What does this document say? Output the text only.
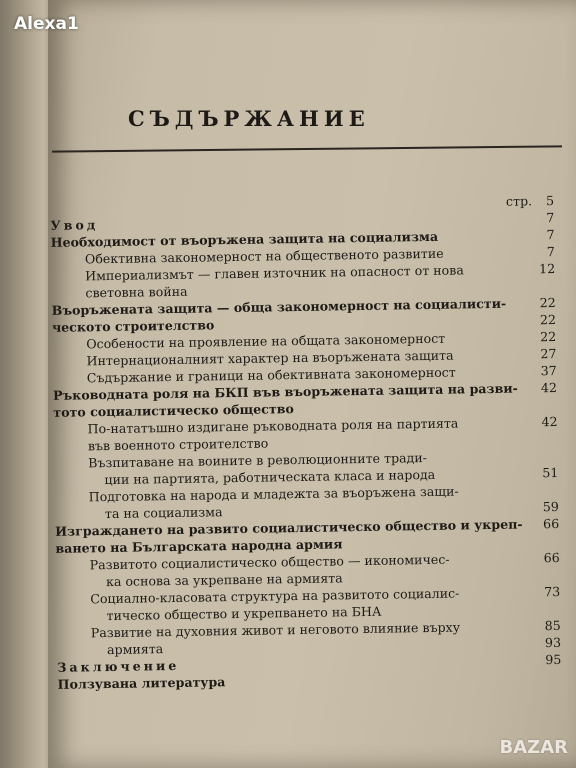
Alexa1
СЪДЪРЖАНИЕ
стр. 5
Увод	7
Необходимост от въоръжена защита на социализма	7
Обективна закономерност на общественото развитие	7
Империализмът — главен източник на опасност от нова	12
световна война
Въоръжената защита — обща закономерност на социалисти-	22
ческото строителство	22
Особености на проявление на общата закономерност	22
Интернационалният характер на въоръжената защита	27
Съдържание и граници на обективната закономерност	37
Ръководната роля на БКП във въоръжената защита на разви- 42
тото социалистическо общество
По-нататъшно издигане ръководната роля на партията	42
във военното строителство
Възпитаване на воините в революционните тради-
ции на партията, работническата класа и народа	51
Подготовка на народа и младежта за въоръжена защи-
та на социализма	59
Изграждането на развито социалистическо общество и укреп- 66
ването на Българската народна армия
Развитото социалистическо общество — икономичес-	66
ка основа за укрепване на армията
Социално-класовата структура на развитото социалис-	73
тическо общество и укрепването на БНА
Развитие на духовния живот и неговото влияние върху	85
армията	93
Заключение	95
Ползувана литература
BAZAR
